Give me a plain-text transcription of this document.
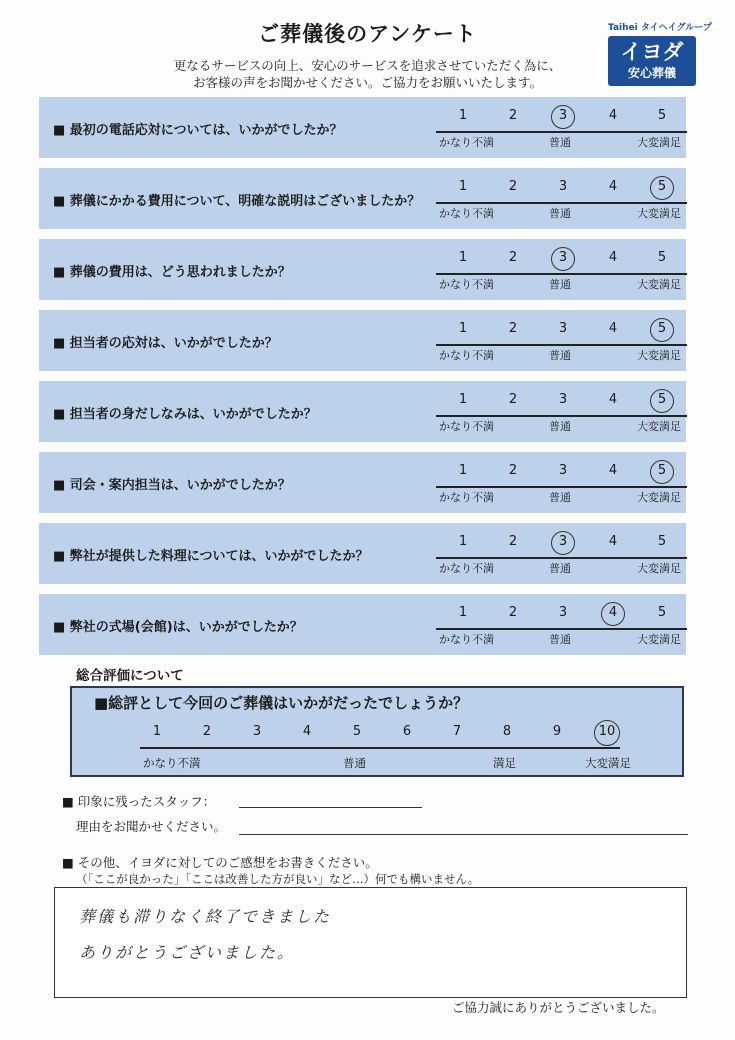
ご葬儀後のアンケート
更なるサービスの向上、安心のサービスを追求させていただく為に、
お客様の声をお聞かせください。ご協力をお願いいたします。
Taihei タイヘイグループ
イヨダ
安心葬儀
■ 最初の電話応対については、いかがでしたか？
1	2	3	4	5
かなり不満	普通	大変満足
■ 葬儀にかかる費用について、明確な説明はございましたか？
1	2	3	4	5
かなり不満	普通	大変満足
■ 葬儀の費用は、どう思われましたか？
1	2	3	4	5
かなり不満	普通	大変満足
■ 担当者の応対は、いかがでしたか？
1	2	3	4	5
かなり不満	普通	大変満足
■ 担当者の身だしなみは、いかがでしたか？
1	2	3	4	5
かなり不満	普通	大変満足
■ 司会・案内担当は、いかがでしたか？
1	2	3	4	5
かなり不満	普通	大変満足
■ 弊社が提供した料理については、いかがでしたか？
1	2	3	4	5
かなり不満	普通	大変満足
■ 弊社の式場(会館)は、いかがでしたか？
1	2	3	4	5
かなり不満	普通	大変満足
総合評価について
■総評として今回のご葬儀はいかがだったでしょうか？
1	2	3	4	5	6	7	8	9	10
かなり不満	普通	満足	大変満足
■ 印象に残ったスタッフ：
理由をお聞かせください。
■ その他、イヨダに対してのご感想をお書きください。
（「ここが良かった」「ここは改善した方が良い」など…）何でも構いません。
葬儀も滞りなく終了できました
ありがとうございました。
ご協力誠にありがとうございました。
